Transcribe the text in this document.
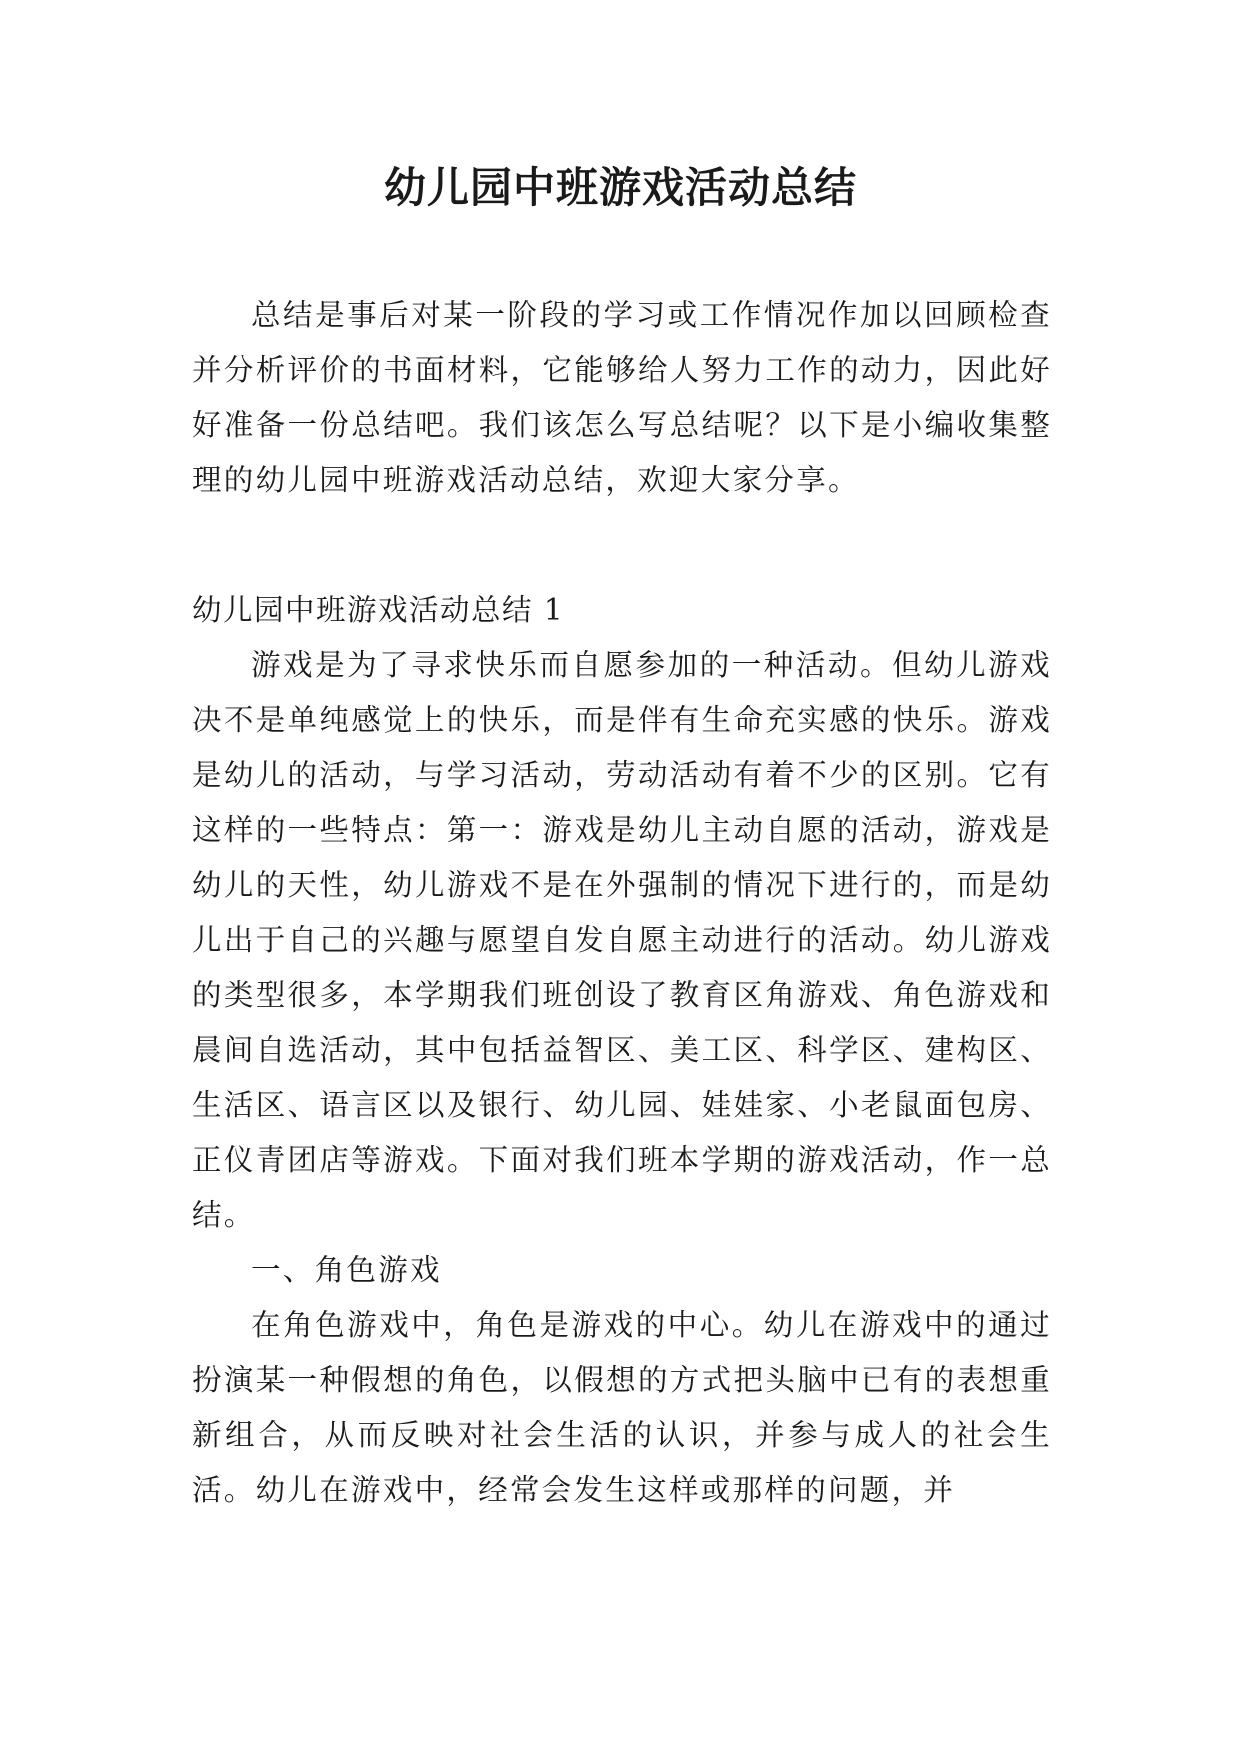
幼儿园中班游戏活动总结

总结是事后对某一阶段的学习或工作情况作加以回顾检查并分析评价的书面材料，它能够给人努力工作的动力，因此好好准备一份总结吧。我们该怎么写总结呢？以下是小编收集整理的幼儿园中班游戏活动总结，欢迎大家分享。

幼儿园中班游戏活动总结 1

游戏是为了寻求快乐而自愿参加的一种活动。但幼儿游戏决不是单纯感觉上的快乐，而是伴有生命充实感的快乐。游戏是幼儿的活动，与学习活动，劳动活动有着不少的区别。它有这样的一些特点：第一：游戏是幼儿主动自愿的活动，游戏是幼儿的天性，幼儿游戏不是在外强制的情况下进行的，而是幼儿出于自己的兴趣与愿望自发自愿主动进行的活动。幼儿游戏的类型很多，本学期我们班创设了教育区角游戏、角色游戏和晨间自选活动，其中包括益智区、美工区、科学区、建构区、生活区、语言区以及银行、幼儿园、娃娃家、小老鼠面包房、正仪青团店等游戏。下面对我们班本学期的游戏活动，作一总结。

一、角色游戏

在角色游戏中，角色是游戏的中心。幼儿在游戏中的通过扮演某一种假想的角色，以假想的方式把头脑中已有的表想重新组合，从而反映对社会生活的认识，并参与成人的社会生活。幼儿在游戏中，经常会发生这样或那样的问题，并
